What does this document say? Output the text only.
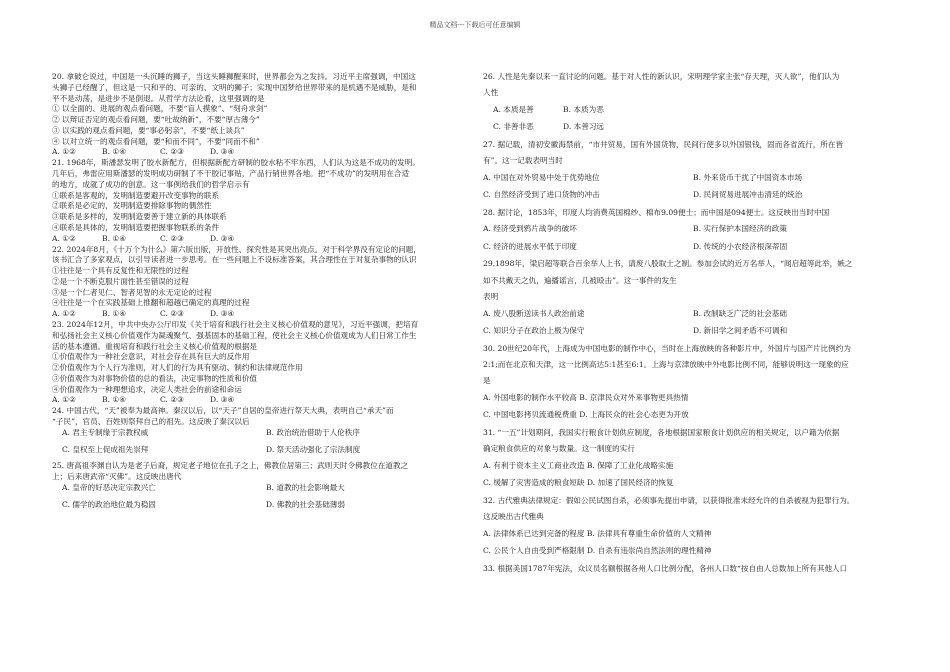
精品文档---下载后可任意编辑
20. 拿破仑说过，中国是一头沉睡的狮子，当这头睡狮醒来时，世界都会为之发抖。习近平主席强调，中国这
头狮子已经醒了，但这是一只和平的、可亲的、文明的狮子；实现中国梦给世界带来的是机遇不是威胁，是和
平不是动荡，是进步不是倒退。从哲学方法论看，这里强调的是
① 以全面的、进展的观点看问题，不要“盲人摸象”、“刻舟求剑”
② 以辩证否定的观点看问题，要“吐故纳新”，不要“厚古薄今”
③ 以实践的观点看问题，要“事必躬亲”，不要“纸上谈兵”
④ 以对立统一的观点看问题，要“和而不同”，不要“同而不和”
A. ①②	B. ①④	C. ②③	D. ③④
21. 1968年，斯潘瑟发明了胶水新配方，但根据新配方研制的胶水粘不牢东西，人们认为这是不成功的发明。
几年后，弗雷应用斯潘瑟的发明成功研制了不干胶记事贴，产品行销世界各地。把“不成功”的发明用在合适
的地方，成就了成功的创意。这一事例给我们的哲学启示有
①联系是客观的，发明制造要避开改变事物的联系
②联系是必定的，发明制造要排除事物的偶然性
③联系是多样的，发明制造要善于建立新的具体联系
④联系是具体的，发明制造要把握事物联系的条件
A. ①②	B. ①④	C. ②③	D. ③④
22. 2024年8月，《十万个为什么》第六版出版，开放性、探究性是其突出亮点。对于科学界没有定论的问题，
该书汇合了多家观点，以引导读者进一步思考。在一些问题上不设标准答案，其合理性在于对复杂事物的认识
①往往是一个具有反复性和无限性的过程
②是一个不断克服片面性甚至错误的过程
③是一个仁者见仁、智者见智的永无定论的过程
④往往是一个在实践基础上推翻和超越已确定的真理的过程
A. ①②	B. ①④	C. ②③	D. ③④
23. 2024年12月，中共中央办公厅印发《关于培育和践行社会主义核心价值观的意见》，习近平强调，把培育
和弘扬社会主义核心价值观作为凝魂聚气、强基固本的基础工程，使社会主义核心价值观成为人们日常工作生
活的基本遵循。重视培育和践行社会主义核心价值观的根据是
①价值观作为一种社会意识，对社会存在具有巨大的反作用
②价值观作为个人行为准则，对人们的行为具有驱动、制约和法律规范作用
③价值观作为对事物价值的总的看法，决定事物的性质和价值
④价值观作为一种理想追求，决定人类社会的前途和命运
A. ①②	B. ①④	C. ②③	D. ③④
24. 中国古代，“天”被奉为最高神。秦汉以后，以“天子”自居的皇帝进行祭天大典，表明自己“承天”而
“子民”，官员、百姓则祭拜自己的祖先。这反映了秦汉以后
A. 君主专制缘于宗教权威	B. 政治统治借助于人伦秩序
C. 皇权至上促成祖先崇拜	D. 祭天活动强化了宗法制度
25. 唐高祖李渊自认为是老子后裔，规定老子地位在孔子之上，佛教位居第三；武则天时令佛教位在道教之
上；后来唐武帝“灭佛”。这反映出唐代
A. 皇帝的好恶决定宗教兴亡	B. 道教的社会影响最大
C. 儒学的政治地位最为稳固	D. 佛教的社会基础薄弱
26. 人性是先秦以来一直讨论的问题。基于对人性的新认识，宋明理学家主张“存天理，灭人欲”，他们认为
人性
A. 本质是善	B. 本质为恶
C. 非善非恶	D. 本善习远
27. 据记载，清初安徽海禁前，“市井贸易，国有外国货物，民间行使多以外国银钱，固而各省流行，所在皆
有”。这一记载表明当时
A. 中国在对外贸易中处于优势地位	B. 外来货币干扰了中国资本市场
C. 自然经济受到了进口货物的冲击	D. 民间贸易进展冲击清廷的统治
28. 据讨论，1853年，印度人均消费英国棉纱、棉布9.09便士；而中国是094便士。这反映出当时中国
A. 经济受到鸦片战争的破坏	B. 实行保护本国经济的政策
C. 经济的进展水平低于印度	D. 传统的小农经济根深蒂固
29.1898年，梁启超等联合百余举人上书，请废八股取士之制。参加会试的近万名举人，“闻启超等此举，嫉之
如不共戴天之仇，遍播谣言，几被殴击”。这一事件的发生
表明
A. 废八股断送读书人政治前途	B. 改制缺乏广泛的社会基础
C. 知识分子在政治上极为保守	D. 新旧学之间矛盾不可调和
30. 20世纪20年代，上海成为中国电影的制作中心，当时在上海放映的各种影片中，外国片与国产片比例约为
2:1;而在北京和天津，这一比例高达5:1甚至6:1。上海与京津放映中外电影比例不同，能够说明这一现象的应
是
A. 外国电影的制作水平较高 B. 京津民众对外来事物更具热情
C. 中国电影拷贝流通税费重 D. 上海民众的社会心态更为开放
31. “一五”计划期间，我国实行粮食计划供应制度，各地根据国家粮食计划供应的相关规定，以户籍为依据
确定粮食供应的对象与数量。这一制度的实行
A. 有利于资本主义工商业改造 B. 保障了工业化战略实施
C. 缓解了灾害造成的粮食短缺 D. 加速了国民经济的恢复
32. 古代雅典法律规定：假如公民试图自杀，必须事先提出申请，以获得批准未经允许的自杀被视为犯罪行为。
这反映出古代雅典
A. 法律体系已达到完备的程度 B. 法律具有尊重生命价值的人文精神
C. 公民个人自由受到严格限制 D. 自杀有违崇尚自然法则的理性精神
33. 根据美国1787年宪法，众议员名额根据各州人口比例分配，各州人口数“按自由人总数加上所有其他人口
